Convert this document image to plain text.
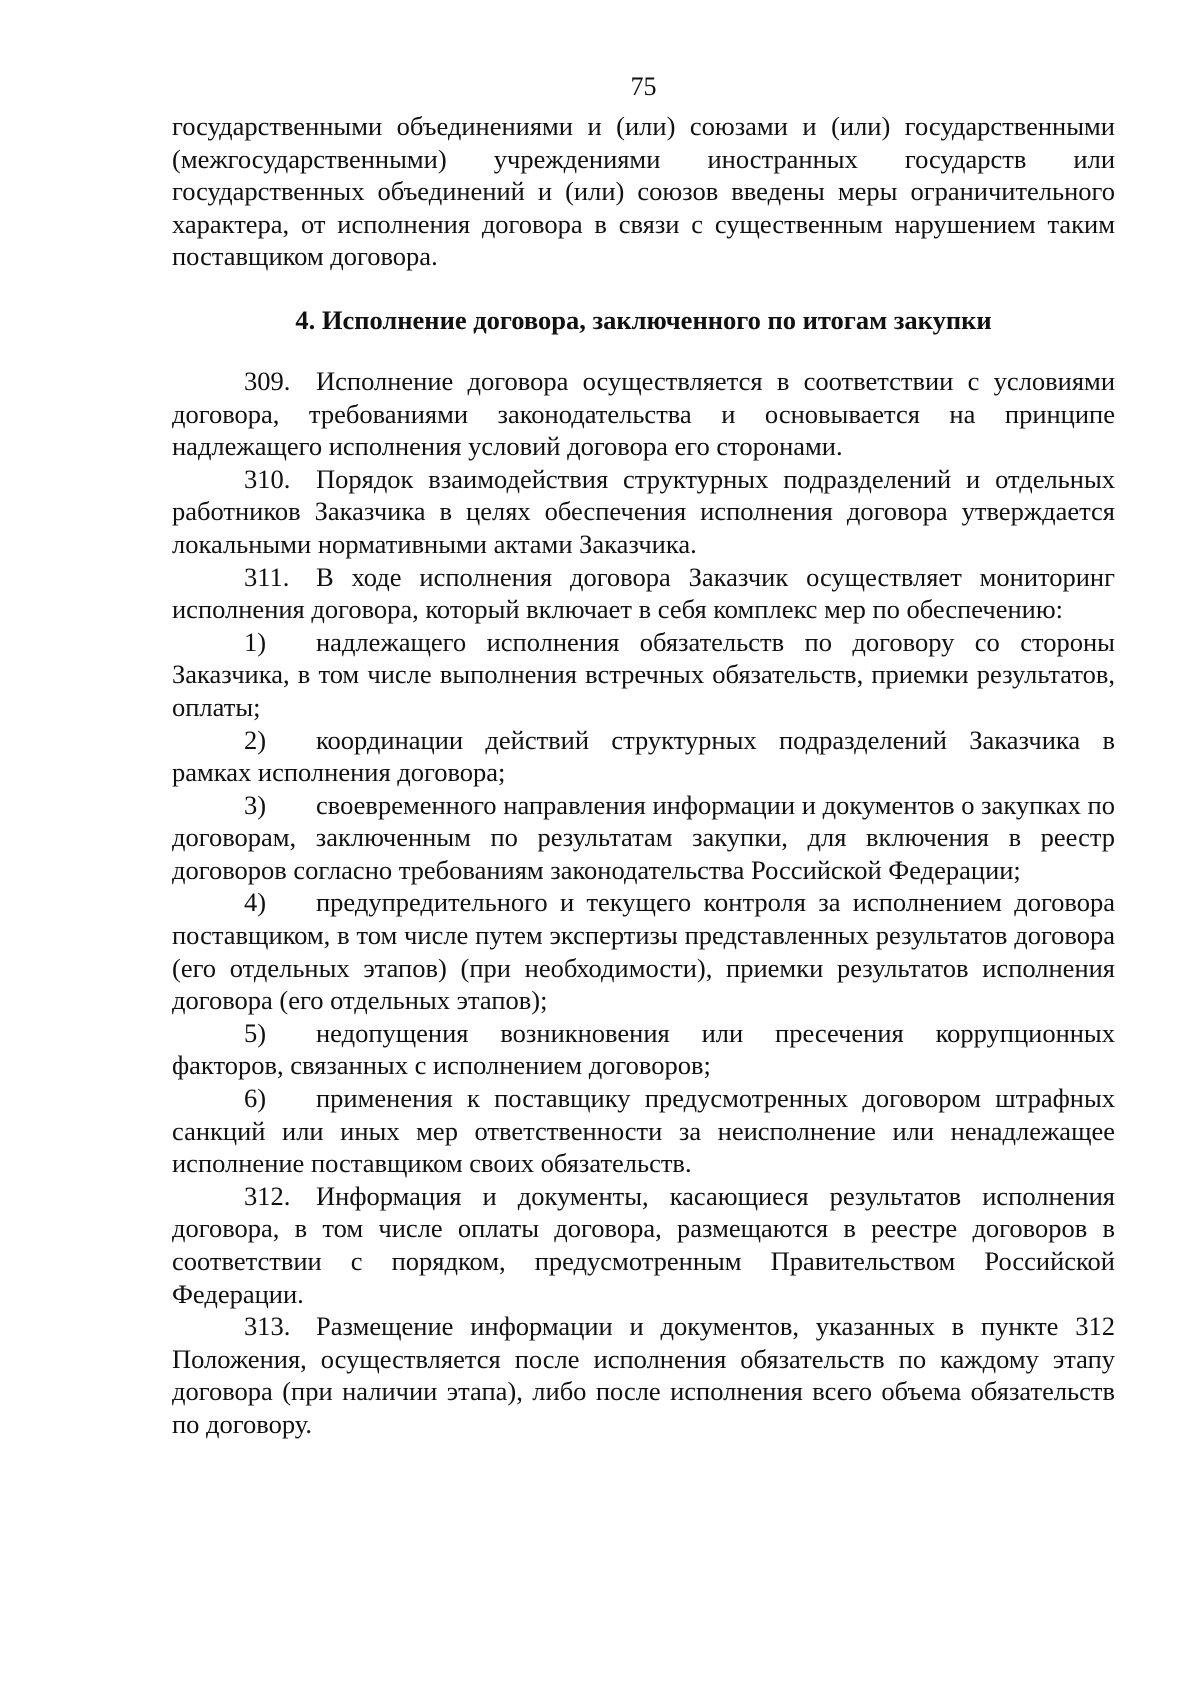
75

государственными объединениями и (или) союзами и (или) государственными (межгосударственными) учреждениями иностранных государств или государственных объединений и (или) союзов введены меры ограничительного характера, от исполнения договора в связи с существенным нарушением таким поставщиком договора.

4. Исполнение договора, заключенного по итогам закупки

309. Исполнение договора осуществляется в соответствии с условиями договора, требованиями законодательства и основывается на принципе надлежащего исполнения условий договора его сторонами.

310. Порядок взаимодействия структурных подразделений и отдельных работников Заказчика в целях обеспечения исполнения договора утверждается локальными нормативными актами Заказчика.

311. В ходе исполнения договора Заказчик осуществляет мониторинг исполнения договора, который включает в себя комплекс мер по обеспечению:

1) надлежащего исполнения обязательств по договору со стороны Заказчика, в том числе выполнения встречных обязательств, приемки результатов, оплаты;

2) координации действий структурных подразделений Заказчика в рамках исполнения договора;

3) своевременного направления информации и документов о закупках по договорам, заключенным по результатам закупки, для включения в реестр договоров согласно требованиям законодательства Российской Федерации;

4) предупредительного и текущего контроля за исполнением договора поставщиком, в том числе путем экспертизы представленных результатов договора (его отдельных этапов) (при необходимости), приемки результатов исполнения договора (его отдельных этапов);

5) недопущения возникновения или пресечения коррупционных факторов, связанных с исполнением договоров;

6) применения к поставщику предусмотренных договором штрафных санкций или иных мер ответственности за неисполнение или ненадлежащее исполнение поставщиком своих обязательств.

312. Информация и документы, касающиеся результатов исполнения договора, в том числе оплаты договора, размещаются в реестре договоров в соответствии с порядком, предусмотренным Правительством Российской Федерации.

313. Размещение информации и документов, указанных в пункте 312 Положения, осуществляется после исполнения обязательств по каждому этапу договора (при наличии этапа), либо после исполнения всего объема обязательств по договору.
